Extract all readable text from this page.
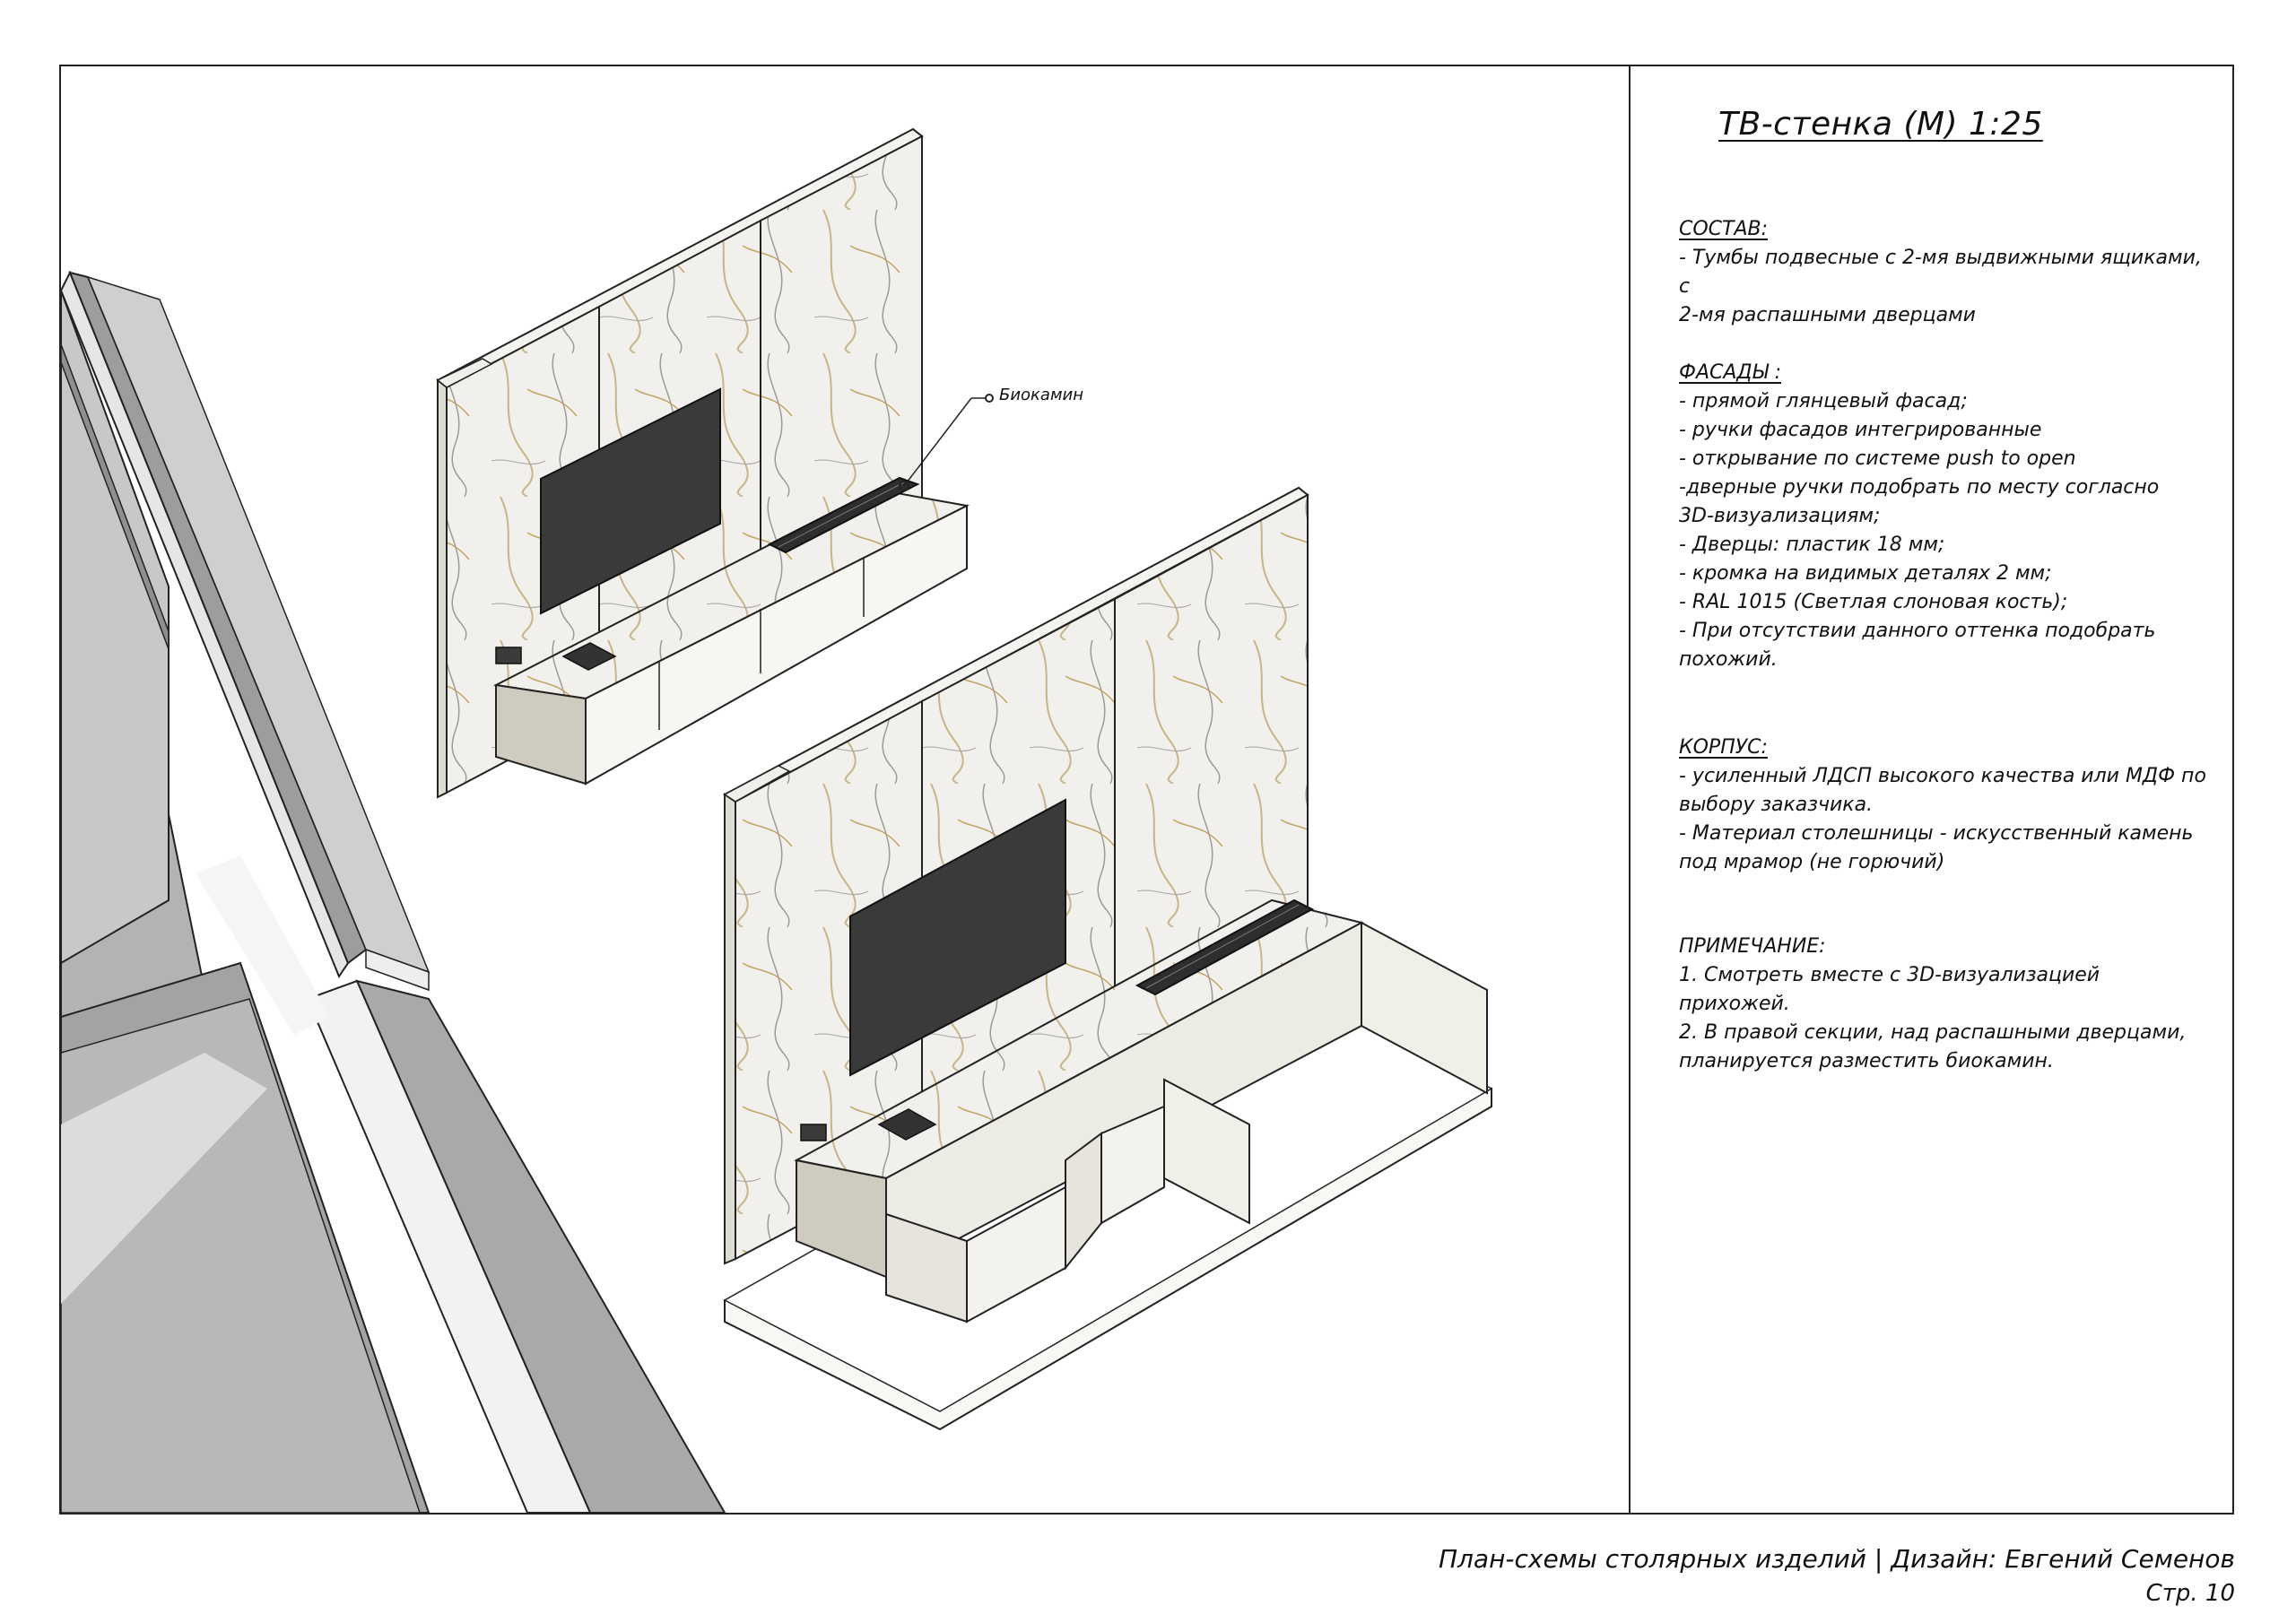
Биокамин
ТВ-стенка (М) 1:25
СОСТАВ:
- Тумбы подвесные с 2-мя выдвижными ящиками, с
2-мя распашными дверцами
ФАСАДЫ :
- прямой глянцевый фасад;
- ручки фасадов интегрированные
- открывание по системе push to open
-дверные ручки подобрать по месту согласно
3D-визуализациям;
- Дверцы: пластик 18 мм;
- кромка на видимых деталях 2 мм;
- RAL 1015 (Светлая слоновая кость);
- При отсутствии данного оттенка подобрать
похожий.
КОРПУС:
- усиленный ЛДСП высокого качества или МДФ по
выбору заказчика.
- Материал столешницы - искусственный камень
под мрамор (не горючий)
ПРИМЕЧАНИЕ:
1. Смотреть вместе с 3D-визуализацией
прихожей.
2. В правой секции, над распашными дверцами,
планируется разместить биокамин.
План-схемы столярных изделий | Дизайн: Евгений Семенов
Стр. 10
